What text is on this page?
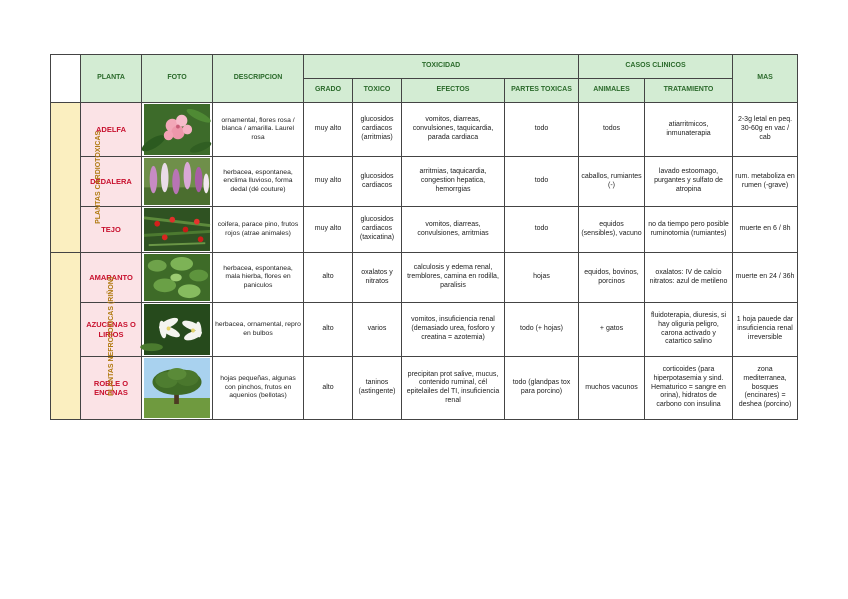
	PLANTA	FOTO	DESCRIPCION	TOXICIDAD				CASOS CLINICOS		MAS
				GRADO	TOXICO	EFECTOS	PARTES TOXICAS	ANIMALES	TRATAMIENTO	
PLANTAS CARDIOTOXICAS	ADELFA		ornamental, flores rosa / blanca / amarilla. Laurel rosa	muy alto	glucosidos cardiacos (arritmias)	vomitos, diarreas, convulsiones, taquicardia, parada cardiaca	todo	todos	atiarritmicos, inmunaterapia	2-3g letal en peq. 30-60g en vac / cab
	DEDALERA		herbacea, espontanea, enclima lluvioso, forma dedal (dé couture)	muy alto	glucosidos cardiacos	arritmias, taquicardia, congestion hepatica, hemorrgias	todo	caballos, rumiantes (-)	lavado estoomago, purgantes y sulfato de atropina	rum. metaboliza en rumen (-grave)
	TEJO		coifera, parace pino, frutos rojos (atrae animales)	muy alto	glucosidos cardiacos (taxicatina)	vomitos, diarreas, convulsiones, arritmias	todo	equidos (sensibles), vacuno	no da tiempo pero posible ruminotomia (rumiantes)	muerte en 6 / 8h
PLANTAS NEFROTOXICAS (RIÑON)	AMARANTO		herbacea, espontanea, mala hierba, flores en paniculos	alto	oxalatos y nitratos	calculosis y edema renal, tremblores, camina en rodilla, paralisis	hojas	equidos, bovinos, porcinos	oxalatos: IV de calcio nitratos: azul de metileno	muerte en 24 / 36h
	AZUCENAS O LIRIOS		herbacea, ornamental, repro en bulbos	alto	varios	vomitos, insuficiencia renal (demasiado urea, fosforo y creatina = azotemia)	todo (+ hojas)	+ gatos	fluidoterapia, diuresis, si hay oliguria peligro, carona activado y catartico salino	1 hoja pauede dar insuficiencia renal irreversible
	ROBLE O ENCINAS		hojas pequeñas, algunas con pinchos, frutos en aquenios (bellotas)	alto	taninos (astingente)	precipitan prot salive, mucus, contenido ruminal, cél epitelailes del TI, insuficiencia renal	todo (glandpas tox para porcino)	muchos vacunos	corticoides (para hiperpotasemia y sind. Hematurico = sangre en orina), hidratos de carbono con insulina	zona mediterranea, bosques (encinares) = deshea (porcino)
